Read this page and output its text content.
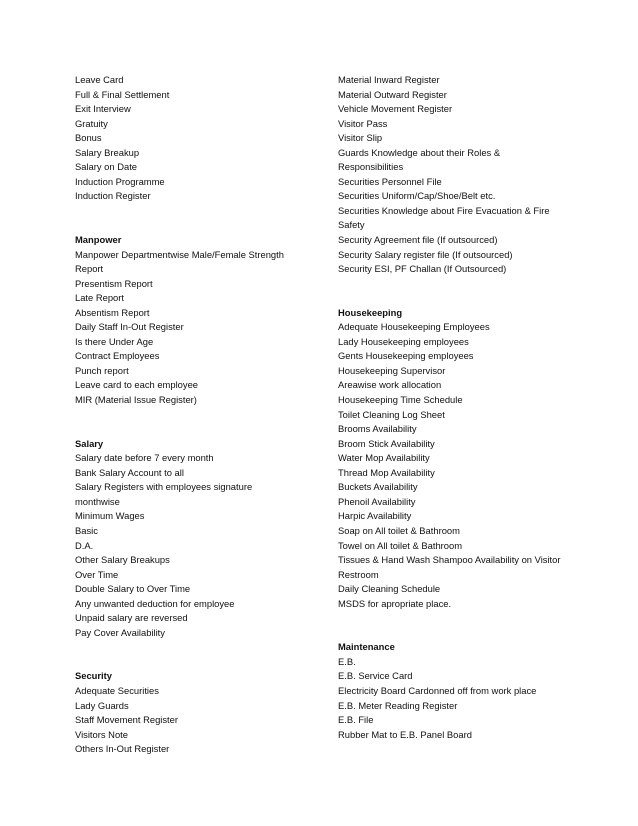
Leave Card
Full & Final Settlement
Exit Interview
Gratuity
Bonus
Salary Breakup
Salary on Date
Induction Programme
Induction Register
Manpower
Manpower Departmentwise Male/Female Strength
Report
Presentism Report
Late Report
Absentism Report
Daily Staff In-Out Register
Is there Under Age
Contract Employees
Punch report
Leave card to each employee
MIR (Material Issue Register)
Salary
Salary date before 7 every month
Bank Salary Account to all
Salary Registers with employees signature
monthwise
Minimum Wages
Basic
D.A.
Other Salary Breakups
Over Time
Double Salary to Over Time
Any unwanted deduction for employee
Unpaid salary are reversed
Pay Cover Availability
Security
Adequate Securities
Lady Guards
Staff Movement Register
Visitors Note
Others In-Out Register
Material Inward Register
Material Outward Register
Vehicle Movement Register
Visitor Pass
Visitor Slip
Guards Knowledge about their Roles &
Responsibilities
Securities Personnel File
Securities Uniform/Cap/Shoe/Belt etc.
Securities Knowledge about Fire Evacuation & Fire
Safety
Security Agreement file (If outsourced)
Security Salary register file (If outsourced)
Security ESI, PF Challan (If Outsourced)
Housekeeping
Adequate Housekeeping Employees
Lady Housekeeping employees
Gents Housekeeping employees
Housekeeping Supervisor
Areawise work allocation
Housekeeping Time Schedule
Toilet Cleaning Log Sheet
Brooms Availability
Broom Stick Availability
Water Mop Availability
Thread Mop Availability
Buckets Availability
Phenoil Availability
Harpic Availability
Soap on All toilet & Bathroom
Towel on All toilet & Bathroom
Tissues & Hand Wash Shampoo Availability on Visitor
Restroom
Daily Cleaning Schedule
MSDS for apropriate place.
Maintenance
E.B.
E.B. Service Card
Electricity Board Cardonned off from work place
E.B. Meter Reading Register
E.B. File
Rubber Mat to E.B. Panel Board
